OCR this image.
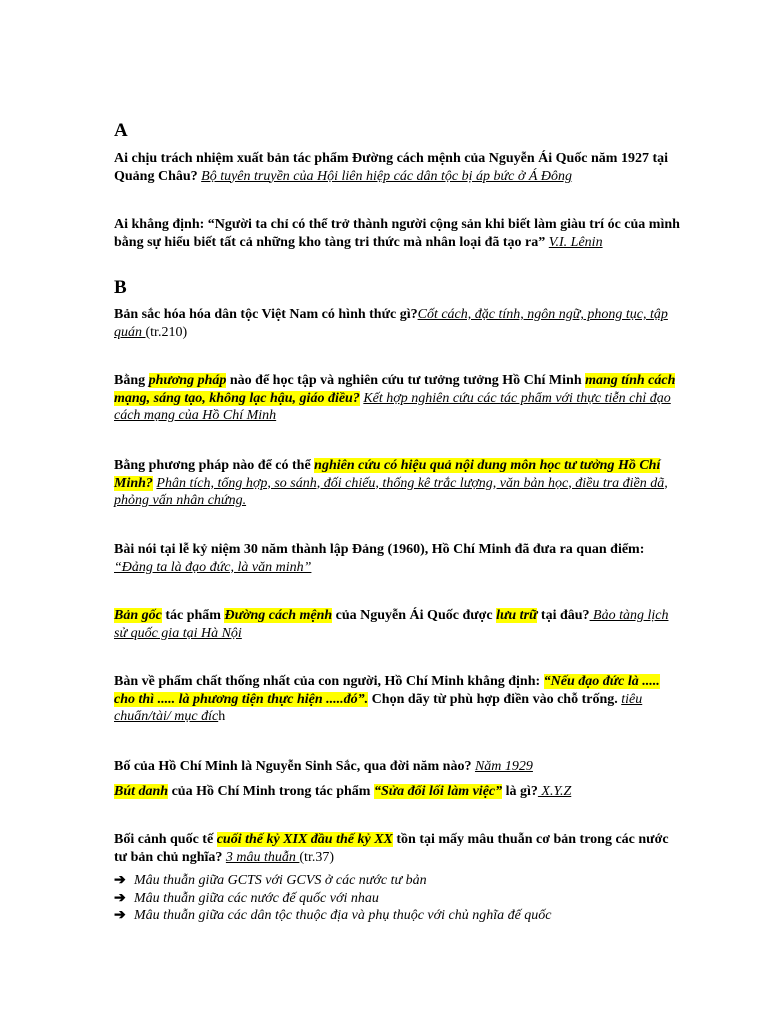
A
Ai chịu trách nhiệm xuất bản tác phẩm Đường cách mệnh của Nguyễn Ái Quốc năm 1927 tại Quảng Châu? Bộ tuyên truyền của Hội liên hiệp các dân tộc bị áp bức ở Á Đông
Ai khẳng định: “Người ta chỉ có thể trở thành người cộng sản khi biết làm giàu trí óc của mình bằng sự hiểu biết tất cả những kho tàng tri thức mà nhân loại đã tạo ra” V.I. Lênin
B
Bản sắc hóa hóa dân tộc Việt Nam có hình thức gì?Cốt cách, đặc tính, ngôn ngữ, phong tục, tập quán (tr.210)
Bằng phương pháp nào để học tập và nghiên cứu tư tưởng tưởng Hồ Chí Minh mang tính cách mạng, sáng tạo, không lạc hậu, giáo điều? Kết hợp nghiên cứu các tác phẩm với thực tiễn chỉ đạo cách mạng của Hồ Chí Minh
Bằng phương pháp nào để có thể nghiên cứu có hiệu quả nội dung môn học tư tưởng Hồ Chí Minh? Phân tích, tổng hợp, so sánh, đối chiếu, thống kê trắc lượng, văn bản học, điều tra điền dã, phỏng vấn nhân chứng.
Bài nói tại lễ kỷ niệm 30 năm thành lập Đảng (1960), Hồ Chí Minh đã đưa ra quan điểm: “Đảng ta là đạo đức, là văn minh”
Bản gốc tác phẩm Đường cách mệnh của Nguyễn Ái Quốc được lưu trữ tại đâu? Bảo tàng lịch sử quốc gia tại Hà Nội
Bàn về phẩm chất thống nhất của con người, Hồ Chí Minh khẳng định: “Nếu đạo đức là ..... cho thì ..... là phương tiện thực hiện .....đó”. Chọn dãy từ phù hợp điền vào chỗ trống. tiêu chuẩn/tài/ mục đích
Bố của Hồ Chí Minh là Nguyễn Sinh Sắc, qua đời năm nào? Năm 1929
Bút danh của Hồ Chí Minh trong tác phẩm “Sửa đổi lối làm việc” là gì? X.Y.Z
Bối cảnh quốc tế cuối thế kỷ XIX đầu thế kỷ XX tồn tại mấy mâu thuẫn cơ bản trong các nước tư bản chủ nghĩa? 3 mâu thuẫn (tr.37)
➔ Mâu thuẫn giữa GCTS với GCVS ở các nước tư bản
➔ Mâu thuẫn giữa các nước đế quốc với nhau
➔ Mâu thuẫn giữa các dân tộc thuộc địa và phụ thuộc với chủ nghĩa đế quốc
